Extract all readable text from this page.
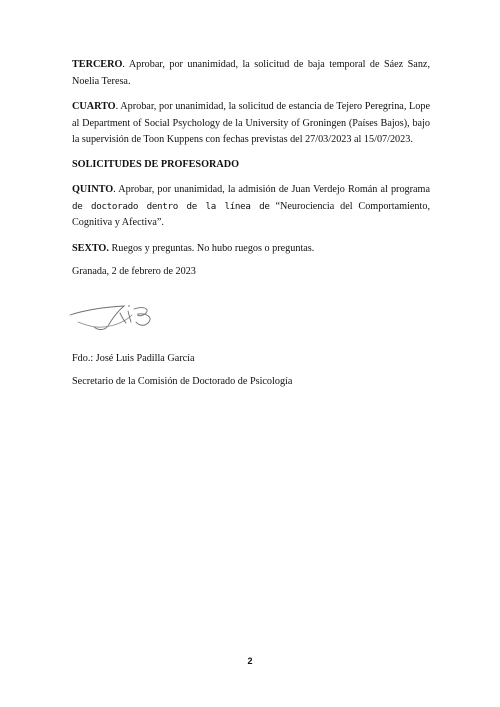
TERCERO. Aprobar, por unanimidad, la solicitud de baja temporal de Sáez Sanz, Noelia Teresa.

CUARTO. Aprobar, por unanimidad, la solicitud de estancia de Tejero Peregrina, Lope al Department of Social Psychology de la University of Groningen (Países Bajos), bajo la supervisión de Toon Kuppens con fechas previstas del 27/03/2023 al 15/07/2023.

SOLICITUDES DE PROFESORADO

QUINTO. Aprobar, por unanimidad, la admisión de Juan Verdejo Román al programa de doctorado dentro de la línea de “Neurociencia del Comportamiento, Cognitiva y Afectiva”.

SEXTO. Ruegos y preguntas. No hubo ruegos o preguntas.

Granada, 2 de febrero de 2023

Fdo.: José Luis Padilla García

Secretario de la Comisión de Doctorado de Psicología

2
